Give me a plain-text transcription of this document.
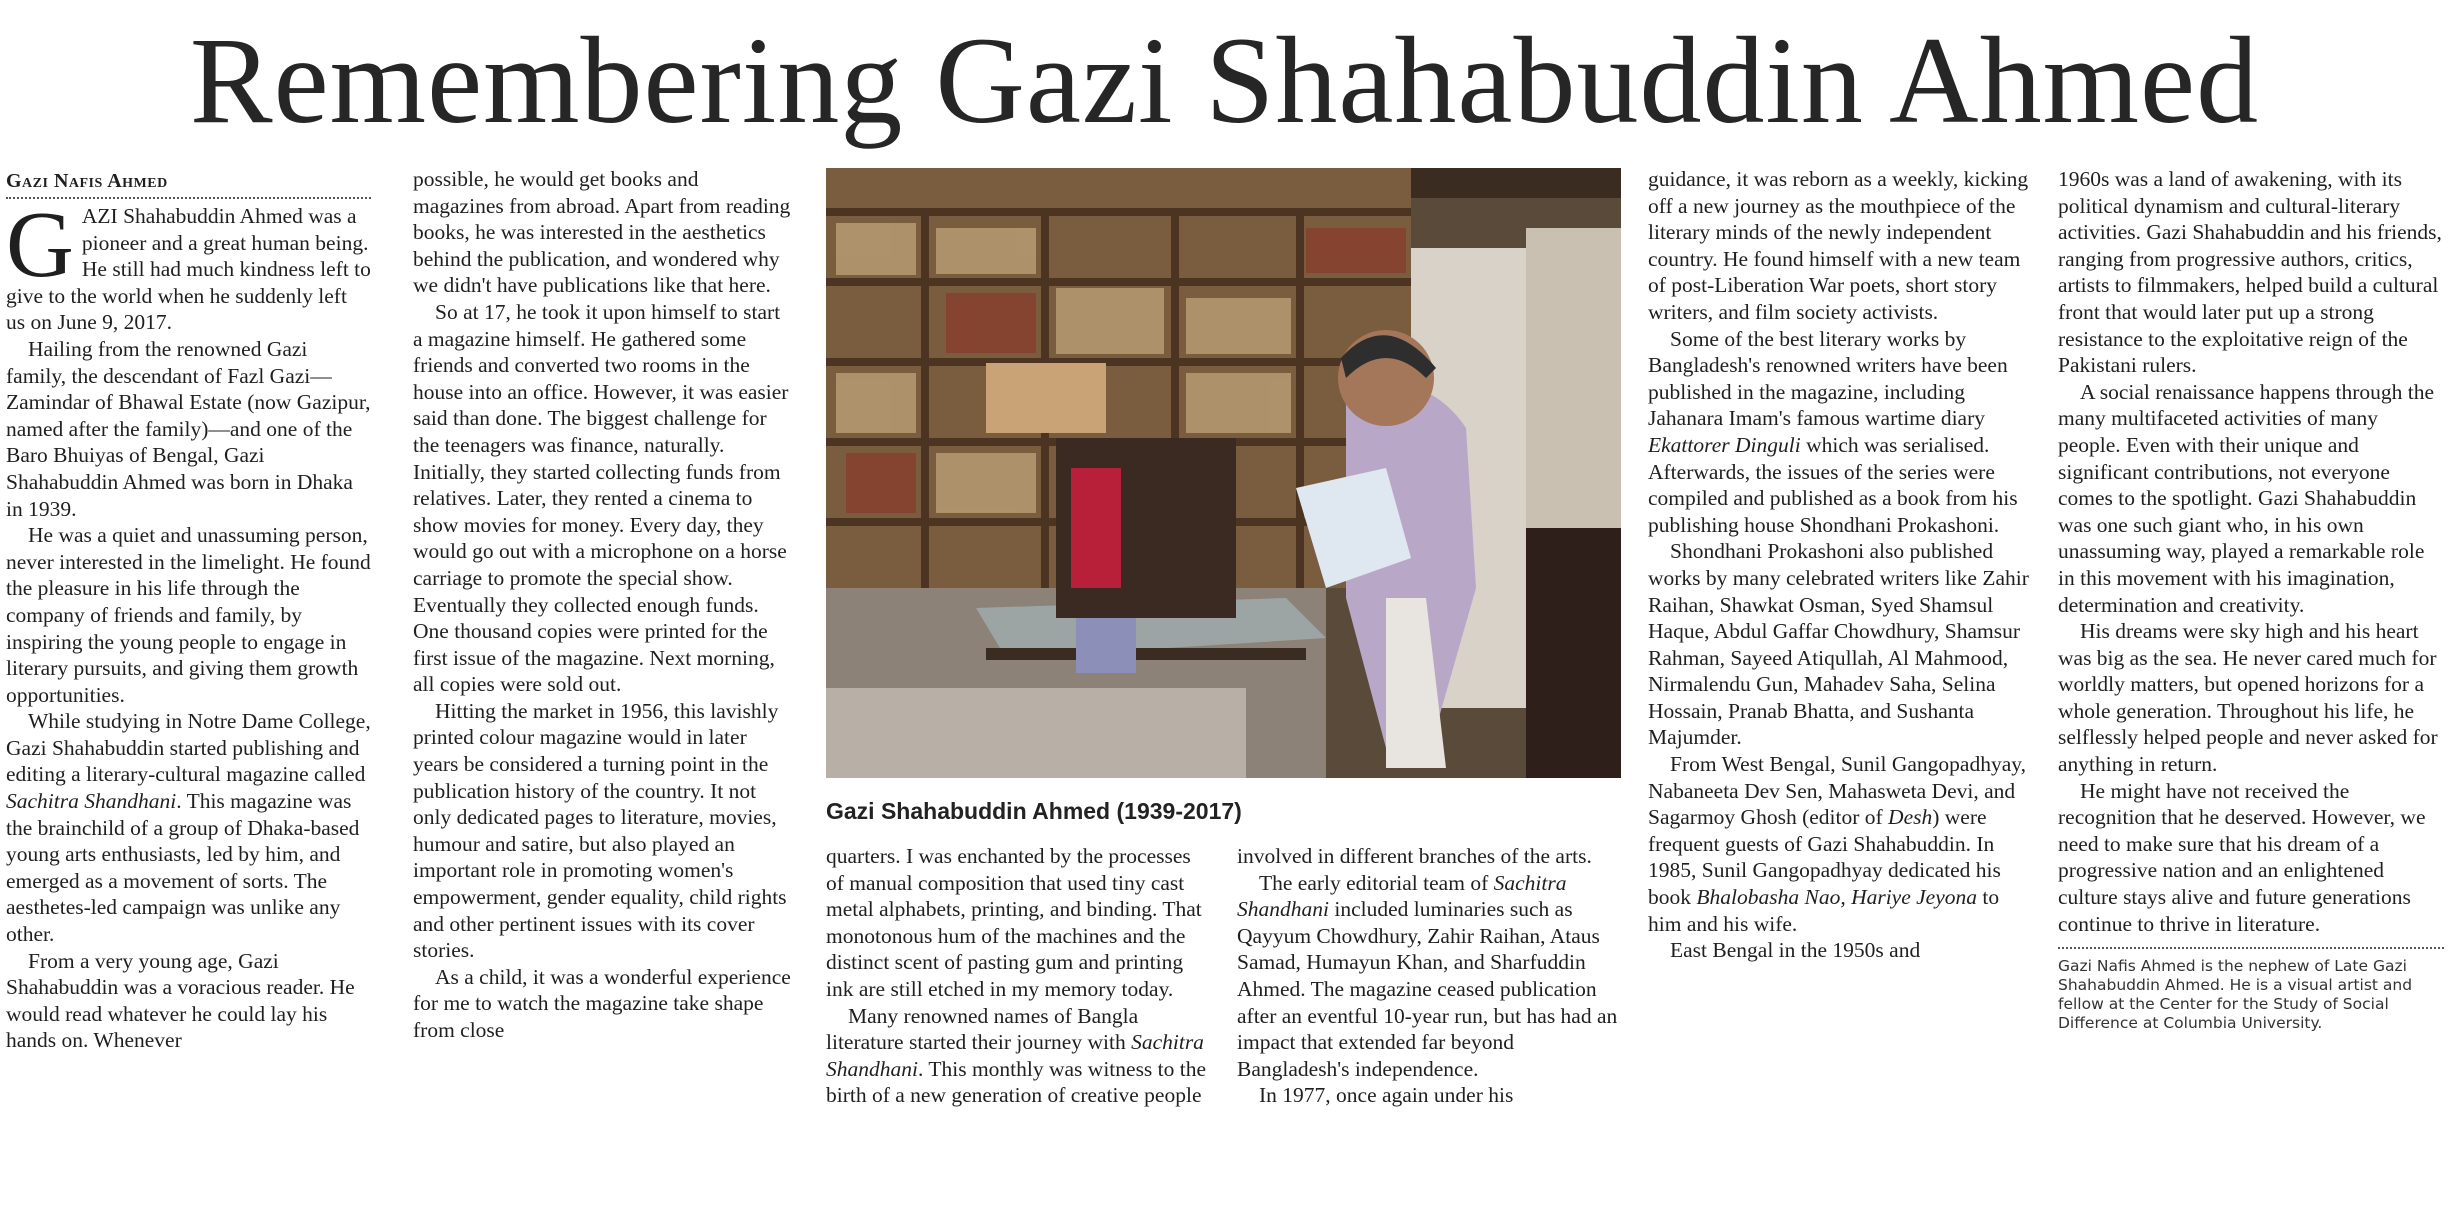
Remembering Gazi Shahabuddin Ahmed
Gazi Nafis Ahmed

GAZI Shahabuddin Ahmed was a pioneer and a great human being. He still had much kindness left to give to the world when he suddenly left us on June 9, 2017.

Hailing from the renowned Gazi family, the descendant of Fazl Gazi—Zamindar of Bhawal Estate (now Gazipur, named after the family)—and one of the Baro Bhuiyas of Bengal, Gazi Shahabuddin Ahmed was born in Dhaka in 1939.

He was a quiet and unassuming person, never interested in the limelight. He found the pleasure in his life through the company of friends and family, by inspiring the young people to engage in literary pursuits, and giving them growth opportunities.

While studying in Notre Dame College, Gazi Shahabuddin started publishing and editing a literary-cultural magazine called Sachitra Shandhani. This magazine was the brainchild of a group of Dhaka-based young arts enthusiasts, led by him, and emerged as a movement of sorts. The aesthetes-led campaign was unlike any other.

From a very young age, Gazi Shahabuddin was a voracious reader. He would read whatever he could lay his hands on. Whenever

possible, he would get books and magazines from abroad. Apart from reading books, he was interested in the aesthetics behind the publication, and wondered why we didn't have publications like that here.

So at 17, he took it upon himself to start a magazine himself. He gathered some friends and converted two rooms in the house into an office. However, it was easier said than done. The biggest challenge for the teenagers was finance, naturally. Initially, they started collecting funds from relatives. Later, they rented a cinema to show movies for money. Every day, they would go out with a microphone on a horse carriage to promote the special show. Eventually they collected enough funds. One thousand copies were printed for the first issue of the magazine. Next morning, all copies were sold out.

Hitting the market in 1956, this lavishly printed colour magazine would in later years be considered a turning point in the publication history of the country. It not only dedicated pages to literature, movies, humour and satire, but also played an important role in promoting women's empowerment, gender equality, child rights and other pertinent issues with its cover stories.

As a child, it was a wonderful experience for me to watch the magazine take shape from close

Gazi Shahabuddin Ahmed (1939-2017)

quarters. I was enchanted by the processes of manual composition that used tiny cast metal alphabets, printing, and binding. That monotonous hum of the machines and the distinct scent of pasting gum and printing ink are still etched in my memory today.

Many renowned names of Bangla literature started their journey with Sachitra Shandhani. This monthly was witness to the birth of a new generation of creative people

involved in different branches of the arts.

The early editorial team of Sachitra Shandhani included luminaries such as Qayyum Chowdhury, Zahir Raihan, Ataus Samad, Humayun Khan, and Sharfuddin Ahmed. The magazine ceased publication after an eventful 10-year run, but has had an impact that extended far beyond Bangladesh's independence.

In 1977, once again under his

guidance, it was reborn as a weekly, kicking off a new journey as the mouthpiece of the literary minds of the newly independent country. He found himself with a new team of post-Liberation War poets, short story writers, and film society activists.

Some of the best literary works by Bangladesh's renowned writers have been published in the magazine, including Jahanara Imam's famous wartime diary Ekattorer Dinguli which was serialised. Afterwards, the issues of the series were compiled and published as a book from his publishing house Shondhani Prokashoni.

Shondhani Prokashoni also published works by many celebrated writers like Zahir Raihan, Shawkat Osman, Syed Shamsul Haque, Abdul Gaffar Chowdhury, Shamsur Rahman, Sayeed Atiqullah, Al Mahmood, Nirmalendu Gun, Mahadev Saha, Selina Hossain, Pranab Bhatta, and Sushanta Majumder.

From West Bengal, Sunil Gangopadhyay, Nabaneeta Dev Sen, Mahasweta Devi, and Sagarmoy Ghosh (editor of Desh) were frequent guests of Gazi Shahabuddin. In 1985, Sunil Gangopadhyay dedicated his book Bhalobasha Nao, Hariye Jeyona to him and his wife.

East Bengal in the 1950s and

1960s was a land of awakening, with its political dynamism and cultural-literary activities. Gazi Shahabuddin and his friends, ranging from progressive authors, critics, artists to filmmakers, helped build a cultural front that would later put up a strong resistance to the exploitative reign of the Pakistani rulers.

A social renaissance happens through the many multifaceted activities of many people. Even with their unique and significant contributions, not everyone comes to the spotlight. Gazi Shahabuddin was one such giant who, in his own unassuming way, played a remarkable role in this movement with his imagination, determination and creativity.

His dreams were sky high and his heart was big as the sea. He never cared much for worldly matters, but opened horizons for a whole generation. Throughout his life, he selflessly helped people and never asked for anything in return.

He might have not received the recognition that he deserved. However, we need to make sure that his dream of a progressive nation and an enlightened culture stays alive and future generations continue to thrive in literature.

Gazi Nafis Ahmed is the nephew of Late Gazi Shahabuddin Ahmed. He is a visual artist and fellow at the Center for the Study of Social Difference at Columbia University.
